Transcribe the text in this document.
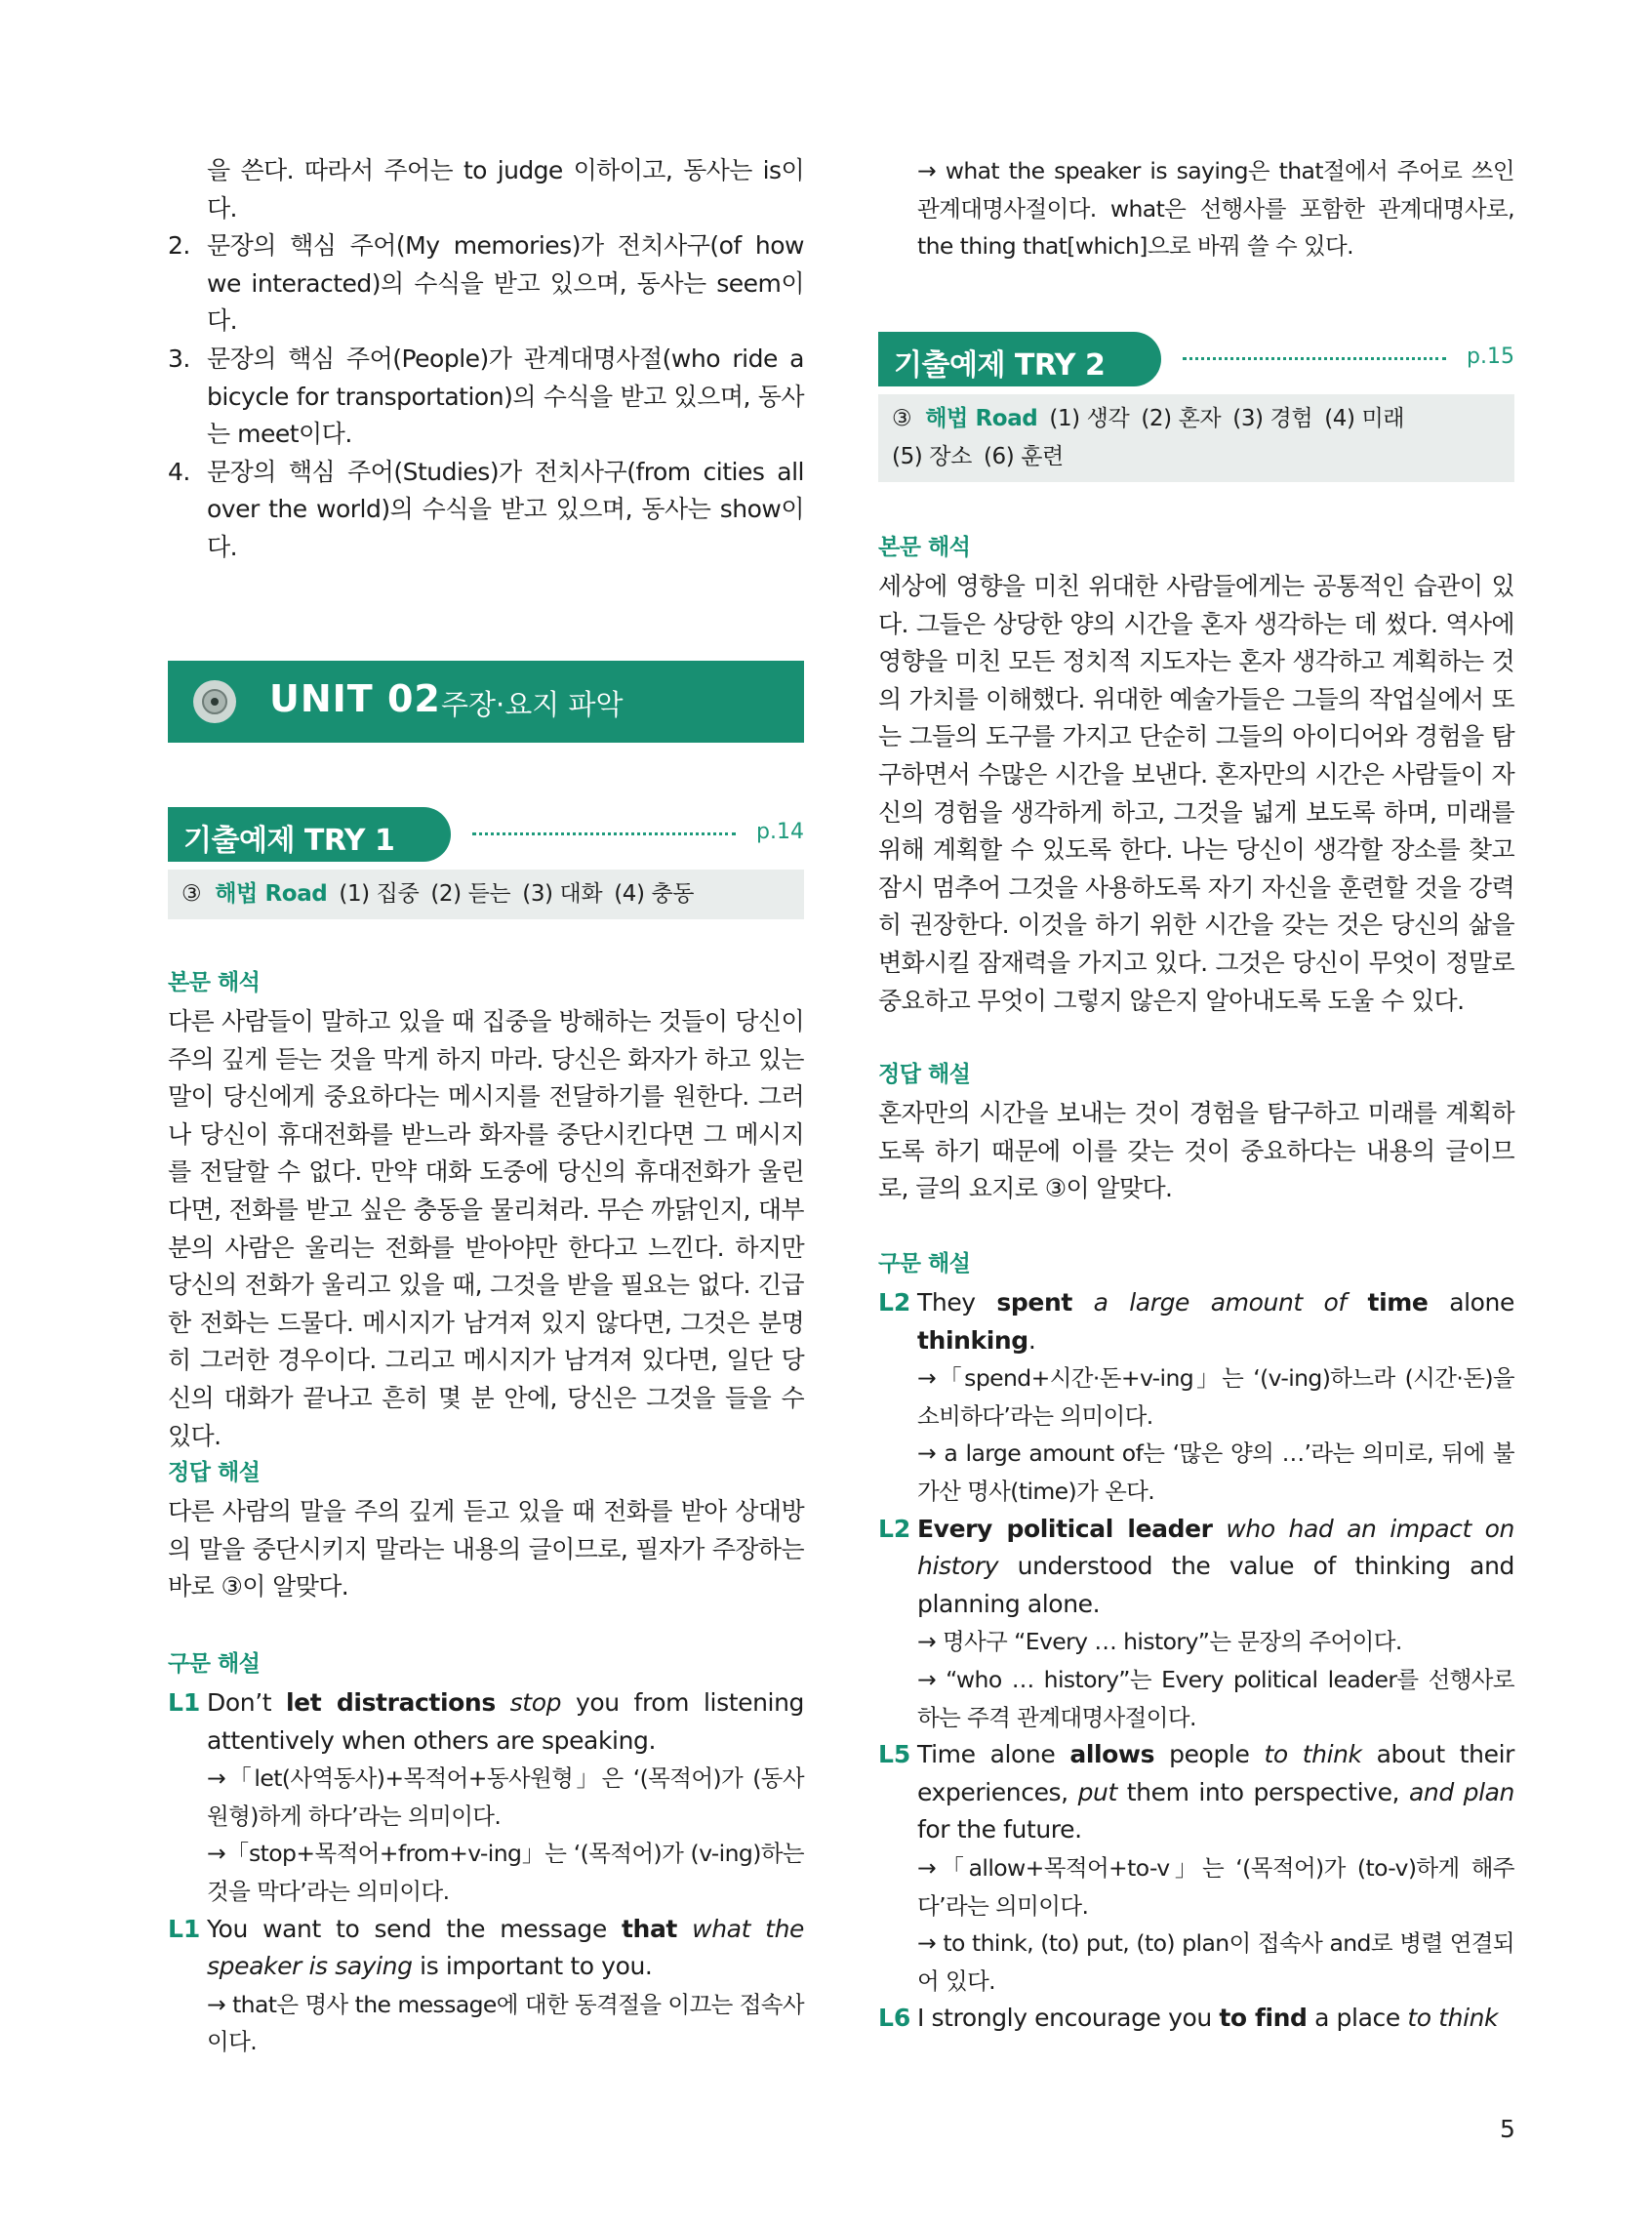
을 쓴다. 따라서 주어는 to judge 이하이고, 동사는 is이다.

2. 문장의 핵심 주어(My memories)가 전치사구(of how we interacted)의 수식을 받고 있으며, 동사는 seem이다.
3. 문장의 핵심 주어(People)가 관계대명사절(who ride a bicycle for transportation)의 수식을 받고 있으며, 동사는 meet이다.
4. 문장의 핵심 주어(Studies)가 전치사구(from cities all over the world)의 수식을 받고 있으며, 동사는 show이다.
UNIT 02 주장·요지 파악
기출예제 TRY 1	p.14
③ 해법 Road (1) 집중 (2) 듣는 (3) 대화 (4) 충동
본문 해석

다른 사람들이 말하고 있을 때 집중을 방해하는 것들이 당신이 주의 깊게 듣는 것을 막게 하지 마라. 당신은 화자가 하고 있는 말이 당신에게 중요하다는 메시지를 전달하기를 원한다. 그러나 당신이 휴대전화를 받느라 화자를 중단시킨다면 그 메시지를 전달할 수 없다. 만약 대화 도중에 당신의 휴대전화가 울린다면, 전화를 받고 싶은 충동을 물리쳐라. 무슨 까닭인지, 대부분의 사람은 울리는 전화를 받아야만 한다고 느낀다. 하지만 당신의 전화가 울리고 있을 때, 그것을 받을 필요는 없다. 긴급한 전화는 드물다. 메시지가 남겨져 있지 않다면, 그것은 분명히 그러한 경우이다. 그리고 메시지가 남겨져 있다면, 일단 당신의 대화가 끝나고 흔히 몇 분 안에, 당신은 그것을 들을 수 있다.

정답 해설

다른 사람의 말을 주의 깊게 듣고 있을 때 전화를 받아 상대방의 말을 중단시키지 말라는 내용의 글이므로, 필자가 주장하는 바로 ③이 알맞다.

구문 해설
L1 Don’t let distractions stop you from listening attentively when others are speaking.

→「let(사역동사)+목적어+동사원형」은 ‘(목적어)가 (동사원형)하게 하다’라는 의미이다.

→「stop+목적어+from+v-ing」는 ‘(목적어)가 (v-ing)하는 것을 막다’라는 의미이다.

L1 You want to send the message that what the speaker is saying is important to you.

→ that은 명사 the message에 대한 동격절을 이끄는 접속사이다.

→ what the speaker is saying은 that절에서 주어로 쓰인 관계대명사절이다. what은 선행사를 포함한 관계대명사로, the thing that[which]으로 바꿔 쓸 수 있다.

기출예제 TRY 2	p.15
③ 해법 Road (1) 생각 (2) 혼자 (3) 경험 (4) 미래
(5) 장소 (6) 훈련
본문 해석

세상에 영향을 미친 위대한 사람들에게는 공통적인 습관이 있다. 그들은 상당한 양의 시간을 혼자 생각하는 데 썼다. 역사에 영향을 미친 모든 정치적 지도자는 혼자 생각하고 계획하는 것의 가치를 이해했다. 위대한 예술가들은 그들의 작업실에서 또는 그들의 도구를 가지고 단순히 그들의 아이디어와 경험을 탐구하면서 수많은 시간을 보낸다. 혼자만의 시간은 사람들이 자신의 경험을 생각하게 하고, 그것을 넓게 보도록 하며, 미래를 위해 계획할 수 있도록 한다. 나는 당신이 생각할 장소를 찾고 잠시 멈추어 그것을 사용하도록 자기 자신을 훈련할 것을 강력히 권장한다. 이것을 하기 위한 시간을 갖는 것은 당신의 삶을 변화시킬 잠재력을 가지고 있다. 그것은 당신이 무엇이 정말로 중요하고 무엇이 그렇지 않은지 알아내도록 도울 수 있다.

정답 해설

혼자만의 시간을 보내는 것이 경험을 탐구하고 미래를 계획하도록 하기 때문에 이를 갖는 것이 중요하다는 내용의 글이므로, 글의 요지로 ③이 알맞다.

구문 해설
L2 They spent a large amount of time alone thinking.

→「spend+시간·돈+v-ing」는 ‘(v-ing)하느라 (시간·돈)을 소비하다’라는 의미이다.

→ a large amount of는 ‘많은 양의 …’라는 의미로, 뒤에 불가산 명사(time)가 온다.

L2 Every political leader who had an impact on history understood the value of thinking and planning alone.

→ 명사구 “Every … history”는 문장의 주어이다.

→ “who … history”는 Every political leader를 선행사로 하는 주격 관계대명사절이다.

L5 Time alone allows people to think about their experiences, put them into perspective, and plan for the future.

→「allow+목적어+to-v」는 ‘(목적어)가 (to-v)하게 해주다’라는 의미이다.

→ to think, (to) put, (to) plan이 접속사 and로 병렬 연결되어 있다.

L6 I strongly encourage you to find a place to think
5
